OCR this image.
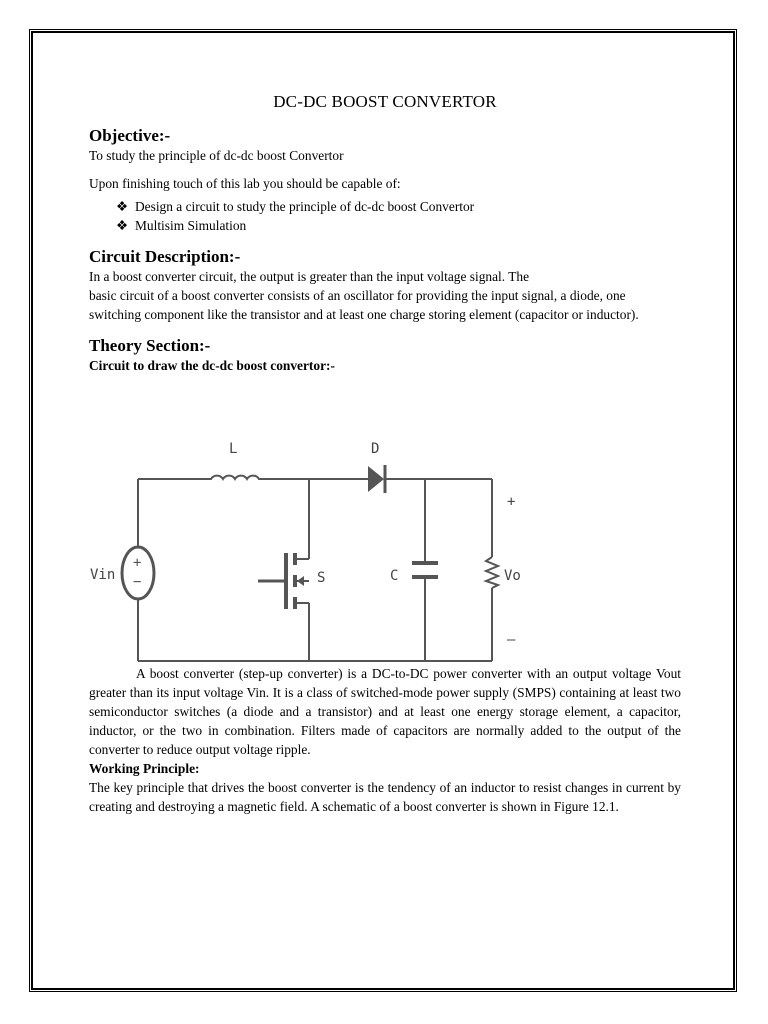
DC-DC BOOST CONVERTOR
Objective:-

To study the principle of dc-dc boost Convertor

Upon finishing touch of this lab you should be capable of:

❖ Design a circuit to study the principle of dc-dc boost Convertor
❖ Multisim Simulation
Circuit Description:-

In a boost converter circuit, the output is greater than the input voltage signal. The

basic circuit of a boost converter consists of an oscillator for providing the input signal, a diode, one switching component like the transistor and at least one charge storing element (capacitor or inductor).

Theory Section:-

Circuit to draw the dc-dc boost convertor:-

A boost converter (step-up converter) is a DC-to-DC power converter with an output voltage Vout greater than its input voltage Vin. It is a class of switched-mode power supply (SMPS) containing at least two semiconductor switches (a diode and a transistor) and at least one energy storage element, a capacitor, inductor, or the two in combination. Filters made of capacitors are normally added to the output of the converter to reduce output voltage ripple.

Working Principle:

The key principle that drives the boost converter is the tendency of an inductor to resist changes in current by creating and destroying a magnetic field. A schematic of a boost converter is shown in Figure 12.1.

+
−
L	D
Vin	S	C	Vo
+
–
